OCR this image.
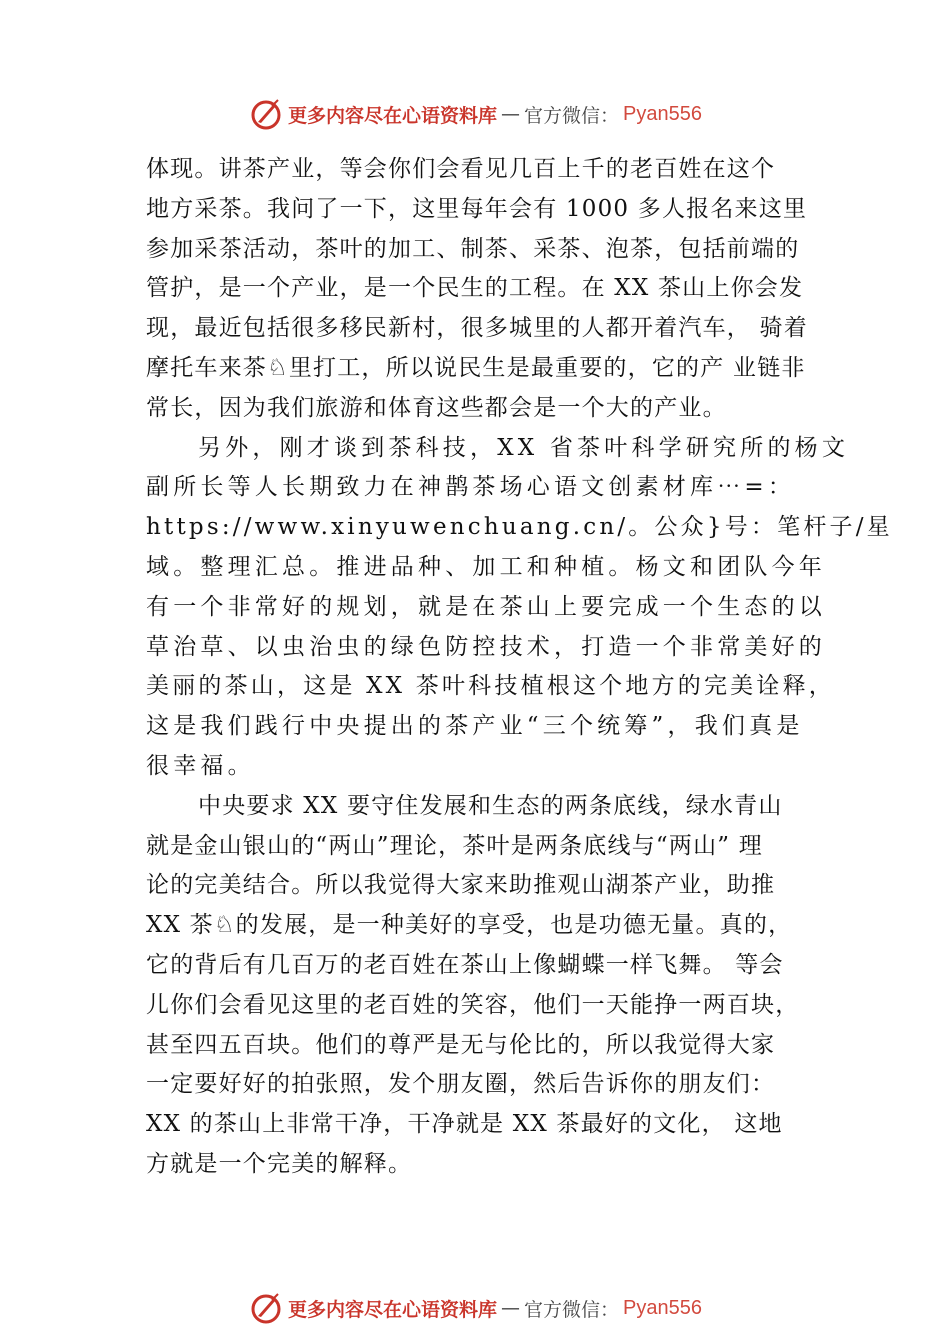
更多内容尽在心语资料库 — 官方微信： Pyan556
体现。讲茶产业，等会你们会看见几百上千的老百姓在这个
地方采茶。我问了一下，这里每年会有 1000 多人报名来这里
参加采茶活动，茶叶的加工、制茶、采茶、泡茶，包括前端的
管护，是一个产业，是一个民生的工程。在 XX 茶山上你会发
现，最近包括很多移民新村，很多城里的人都开着汽车， 骑着
摩托车来茶♘里打工，所以说民生是最重要的，它的产 业链非
常长，因为我们旅游和体育这些都会是一个大的产业。
另外，刚才谈到茶科技，XX 省茶叶科学研究所的杨文
副所长等人长期致力在神鹊茶场心语文创素材库⋯=：
https://www.xinyuwenchuang.cn/。公众}号：笔杆子/星
域。整理汇总。推进品种、加工和种植。杨文和团队今年
有一个非常好的规划，就是在茶山上要完成一个生态的以
草治草、以虫治虫的绿色防控技术，打造一个非常美好的
美丽的茶山，这是 XX 茶叶科技植根这个地方的完美诠释，
这是我们践行中央提出的茶产业“三个统筹”，我们真是
很幸福。
中央要求 XX 要守住发展和生态的两条底线，绿水青山
就是金山银山的“两山”理论，茶叶是两条底线与“两山” 理
论的完美结合。所以我觉得大家来助推观山湖茶产业，助推
XX 茶♘的发展，是一种美好的享受，也是功德无量。真的，
它的背后有几百万的老百姓在茶山上像蝴蝶一样飞舞。 等会
儿你们会看见这里的老百姓的笑容，他们一天能挣一两百块，
甚至四五百块。他们的尊严是无与伦比的，所以我觉得大家
一定要好好的拍张照，发个朋友圈，然后告诉你的朋友们：
XX 的茶山上非常干净，干净就是 XX 茶最好的文化， 这地
方就是一个完美的解释。
更多内容尽在心语资料库 — 官方微信： Pyan556
